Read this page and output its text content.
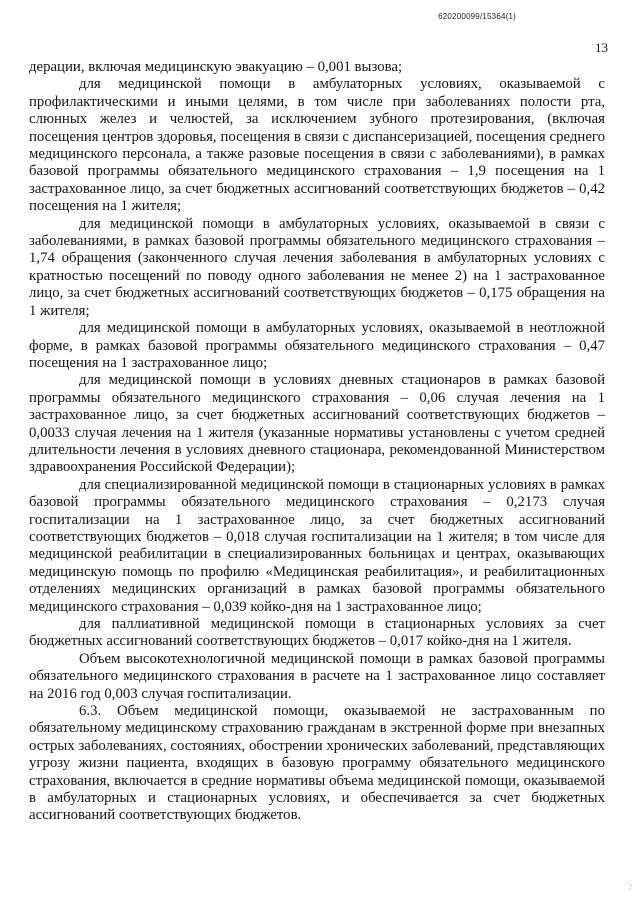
620200099/15364(1)
13

дерации, включая медицинскую эвакуацию – 0,001 вызова;

для медицинской помощи в амбулаторных условиях, оказываемой с профилактическими и иными целями, в том числе при заболеваниях полости рта, слюнных желез и челюстей, за исключением зубного протезирования, (включая посещения центров здоровья, посещения в связи с диспансеризацией, посещения среднего медицинского персонала, а также разовые посещения в связи с заболеваниями), в рамках базовой программы обязательного медицинского страхования – 1,9 посещения на 1 застрахованное лицо, за счет бюджетных ассигнований соответствующих бюджетов – 0,42 посещения на 1 жителя;

для медицинской помощи в амбулаторных условиях, оказываемой в связи с заболеваниями, в рамках базовой программы обязательного медицинского страхования – 1,74 обращения (законченного случая лечения заболевания в амбулаторных условиях с кратностью посещений по поводу одного заболевания не менее 2) на 1 застрахованное лицо, за счет бюджетных ассигнований соответствующих бюджетов – 0,175 обращения на 1 жителя;

для медицинской помощи в амбулаторных условиях, оказываемой в неотложной форме, в рамках базовой программы обязательного медицинского страхования – 0,47 посещения на 1 застрахованное лицо;

для медицинской помощи в условиях дневных стационаров в рамках базовой программы обязательного медицинского страхования – 0,06 случая лечения на 1 застрахованное лицо, за счет бюджетных ассигнований соответствующих бюджетов – 0,0033 случая лечения на 1 жителя (указанные нормативы установлены с учетом средней длительности лечения в условиях дневного стационара, рекомендованной Министерством здравоохранения Российской Федерации);

для специализированной медицинской помощи в стационарных условиях в рамках базовой программы обязательного медицинского страхования – 0,2173 случая госпитализации на 1 застрахованное лицо, за счет бюджетных ассигнований соответствующих бюджетов – 0,018 случая госпитализации на 1 жителя; в том числе для медицинской реабилитации в специализированных больницах и центрах, оказывающих медицинскую помощь по профилю «Медицинская реабилитация», и реабилитационных отделениях медицинских организаций в рамках базовой программы обязательного медицинского страхования – 0,039 койко-дня на 1 застрахованное лицо;

для паллиативной медицинской помощи в стационарных условиях за счет бюджетных ассигнований соответствующих бюджетов – 0,017 койко-дня на 1 жителя.

Объем высокотехнологичной медицинской помощи в рамках базовой программы обязательного медицинского страхования в расчете на 1 застрахованное лицо составляет на 2016 год 0,003 случая госпитализации.

6.3. Объем медицинской помощи, оказываемой не застрахованным по обязательному медицинскому страхованию гражданам в экстренной форме при внезапных острых заболеваниях, состояниях, обострении хронических заболеваний, представляющих угрозу жизни пациента, входящих в базовую программу обязательного медицинского страхования, включается в средние нормативы объема медицинской помощи, оказываемой в амбулаторных и стационарных условиях, и обеспечивается за счет бюджетных ассигнований соответствующих бюджетов.

.·
